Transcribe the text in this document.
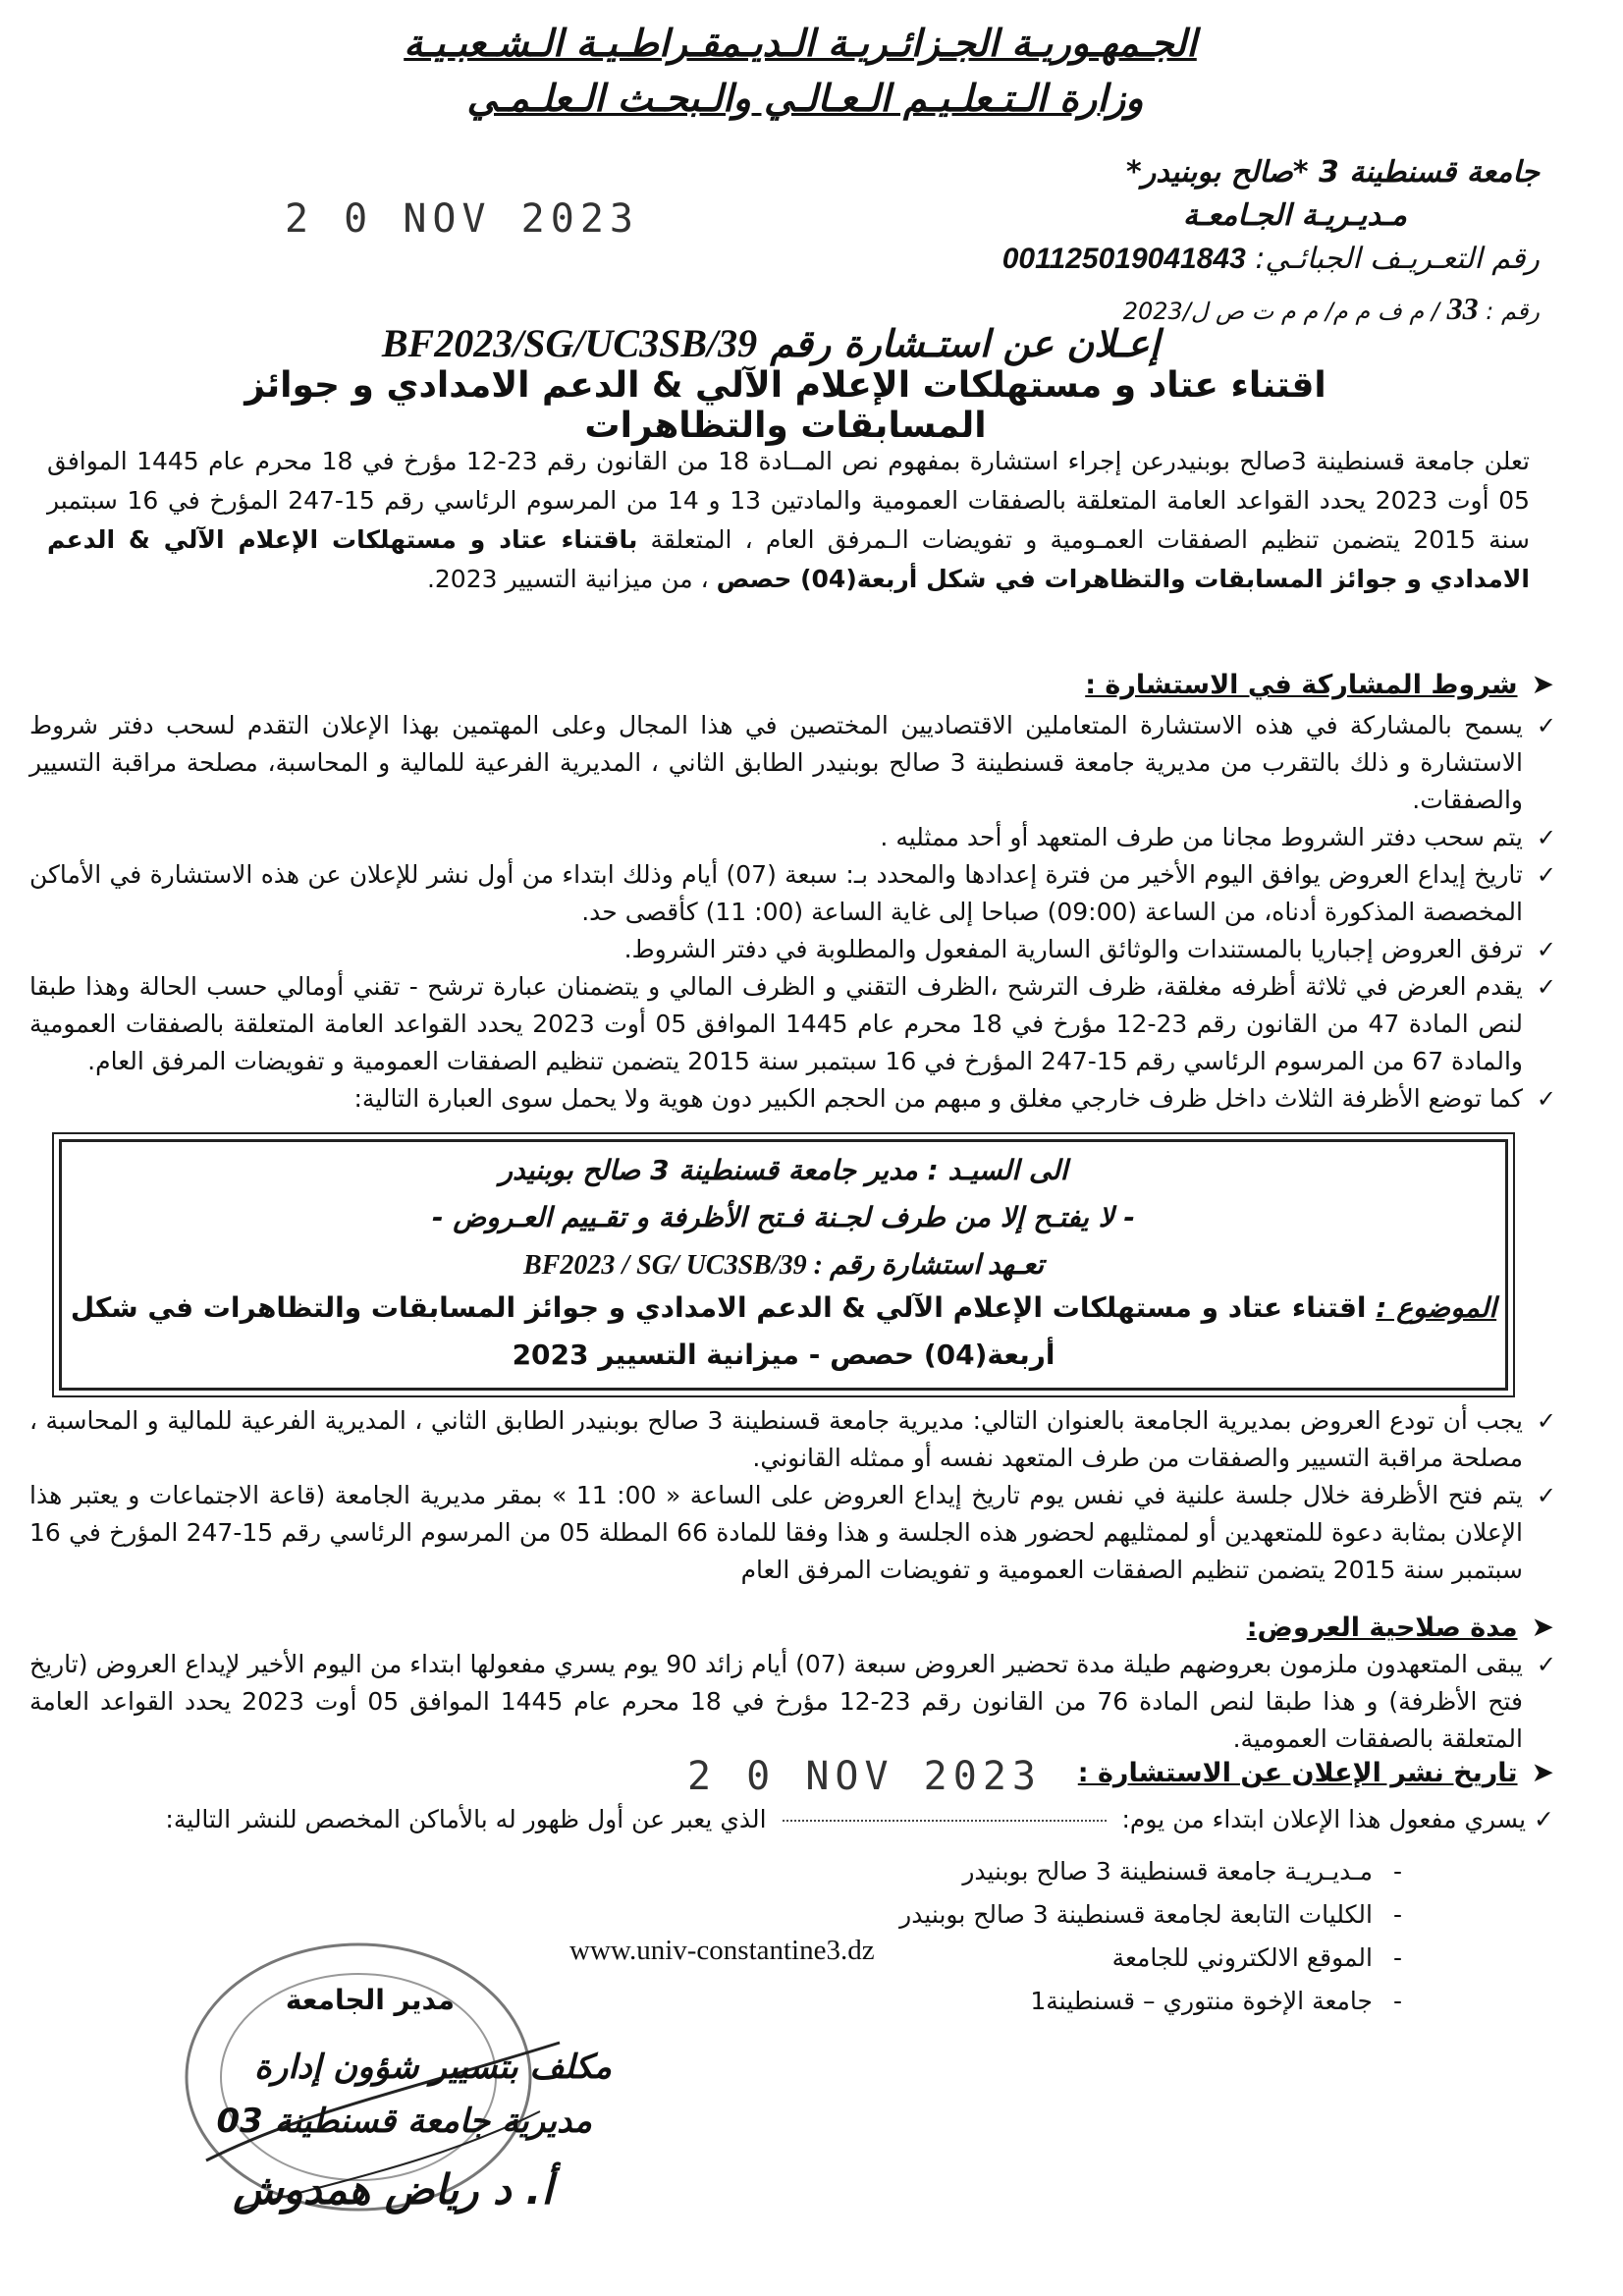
الجـمهـوريـة الجـزائـريـة الـديـمقـراطـيـة الـشـعبـيـة
وزارة الـتـعلـيـم الـعـالـي والـبحـث الـعلـمـي
جامعة قسنطينة 3 *صالح بوبنيدر*
مـديـريـة الجـامعـة
رقم التعـريـف الجبائـي: 001125019041843
رقم : 33 / م ف م م/ م م ت ص ل/2023
2 0 NOV 2023
إعـلان عن استـشارة رقم BF2023/SG/UC3SB/39
اقتناء عتاد و مستهلكات الإعلام الآلي & الدعم الامدادي و جوائز المسابقات والتظاهرات
تعلن جامعة قسنطينة 3صالح بوبنيدرعن إجراء استشارة بمفهوم نص المــادة 18 من القانون رقم 23-12 مؤرخ في 18 محرم عام 1445 الموافق 05 أوت 2023 يحدد القواعد العامة المتعلقة بالصفقات العمومية والمادتين 13 و 14 من المرسوم الرئاسي رقم 15-247 المؤرخ في 16 سبتمبر سنة 2015 يتضمن تنظيم الصفقات العمـومية و تفويضات الـمرفق العام ، المتعلقة باقتناء عتاد و مستهلكات الإعلام الآلي & الدعم الامدادي و جوائز المسابقات والتظاهرات في شكل أربعة(04) حصص ، من ميزانية التسيير 2023.
➤شروط المشاركة في الاستشارة :
✓ يسمح بالمشاركة في هذه الاستشارة المتعاملين الاقتصاديين المختصين في هذا المجال وعلى المهتمين بهذا الإعلان التقدم لسحب دفتر شروط الاستشارة و ذلك بالتقرب من مديرية جامعة قسنطينة 3 صالح بوبنيدر الطابق الثاني ، المديرية الفرعية للمالية و المحاسبة، مصلحة مراقبة التسيير والصفقات.
✓ يتم سحب دفتر الشروط مجانا من طرف المتعهد أو أحد ممثليه .
✓ تاريخ إيداع العروض يوافق اليوم الأخير من فترة إعدادها والمحدد بـ: سبعة (07) أيام وذلك ابتداء من أول نشر للإعلان عن هذه الاستشارة في الأماكن المخصصة المذكورة أدناه، من الساعة (09:00) صباحا إلى غاية الساعة (00: 11) كأقصى حد.
✓ ترفق العروض إجباريا بالمستندات والوثائق السارية المفعول والمطلوبة في دفتر الشروط.
✓ يقدم العرض في ثلاثة أظرفه مغلقة، ظرف الترشح ،الظرف التقني و الظرف المالي و يتضمنان عبارة ترشح - تقني أومالي حسب الحالة وهذا طبقا لنص المادة 47 من القانون رقم 23-12 مؤرخ في 18 محرم عام 1445 الموافق 05 أوت 2023 يحدد القواعد العامة المتعلقة بالصفقات العمومية والمادة 67 من المرسوم الرئاسي رقم 15-247 المؤرخ في 16 سبتمبر سنة 2015 يتضمن تنظيم الصفقات العمومية و تفويضات المرفق العام.
✓ كما توضع الأظرفة الثلاث داخل ظرف خارجي مغلق و مبهم من الحجم الكبير دون هوية ولا يحمل سوى العبارة التالية:
الى السيـد : مدير جامعة قسنطينة 3 صالح بوبنيدر
- لا يفتـح إلا من طرف لجـنة فـتح الأظرفة و تقـييم العـروض -
تعـهد استشارة رقم : BF2023 / SG/ UC3SB/39
الموضوع : اقتناء عتاد و مستهلكات الإعلام الآلي & الدعم الامدادي و جوائز المسابقات والتظاهرات في شكل
أربعة(04) حصص - ميزانية التسيير 2023
✓ يجب أن تودع العروض بمديرية الجامعة بالعنوان التالي: مديرية جامعة قسنطينة 3 صالح بوبنيدر الطابق الثاني ، المديرية الفرعية للمالية و المحاسبة ، مصلحة مراقبة التسيير والصفقات من طرف المتعهد نفسه أو ممثله القانوني.
✓ يتم فتح الأظرفة خلال جلسة علنية في نفس يوم تاريخ إيداع العروض على الساعة « 00: 11 » بمقر مديرية الجامعة (قاعة الاجتماعات و يعتبر هذا الإعلان بمثابة دعوة للمتعهدين أو لممثليهم لحضور هذه الجلسة و هذا وفقا للمادة 66 المطلة 05 من المرسوم الرئاسي رقم 15-247 المؤرخ في 16 سبتمبر سنة 2015 يتضمن تنظيم الصفقات العمومية و تفويضات المرفق العام
➤مدة صلاحية العروض:
✓ يبقى المتعهدون ملزمون بعروضهم طيلة مدة تحضير العروض سبعة (07) أيام زائد 90 يوم يسري مفعولها ابتداء من اليوم الأخير لإيداع العروض (تاريخ فتح الأظرفة) و هذا طبقا لنص المادة 76 من القانون رقم 23-12 مؤرخ في 18 محرم عام 1445 الموافق 05 أوت 2023 يحدد القواعد العامة المتعلقة بالصفقات العمومية.
2 0 NOV 2023	➤تاريخ نشر الإعلان عن الاستشارة :
✓ يسري مفعول هذا الإعلان ابتداء من يوم:  الذي يعبر عن أول ظهور له بالأماكن المخصص للنشر التالية:
- مـديـريـة جامعة قسنطينة 3 صالح بوبنيدر
- الكليات التابعة لجامعة قسنطينة 3 صالح بوبنيدر
- الموقع الالكتروني للجامعة
- جامعة الإخوة منتوري – قسنطينة1
www.univ-constantine3.dz
مدير الجامعة
مكلف بتسيير شؤون إدارة
مديرية جامعة قسنطينة 03
أ. د رياض همدوش
